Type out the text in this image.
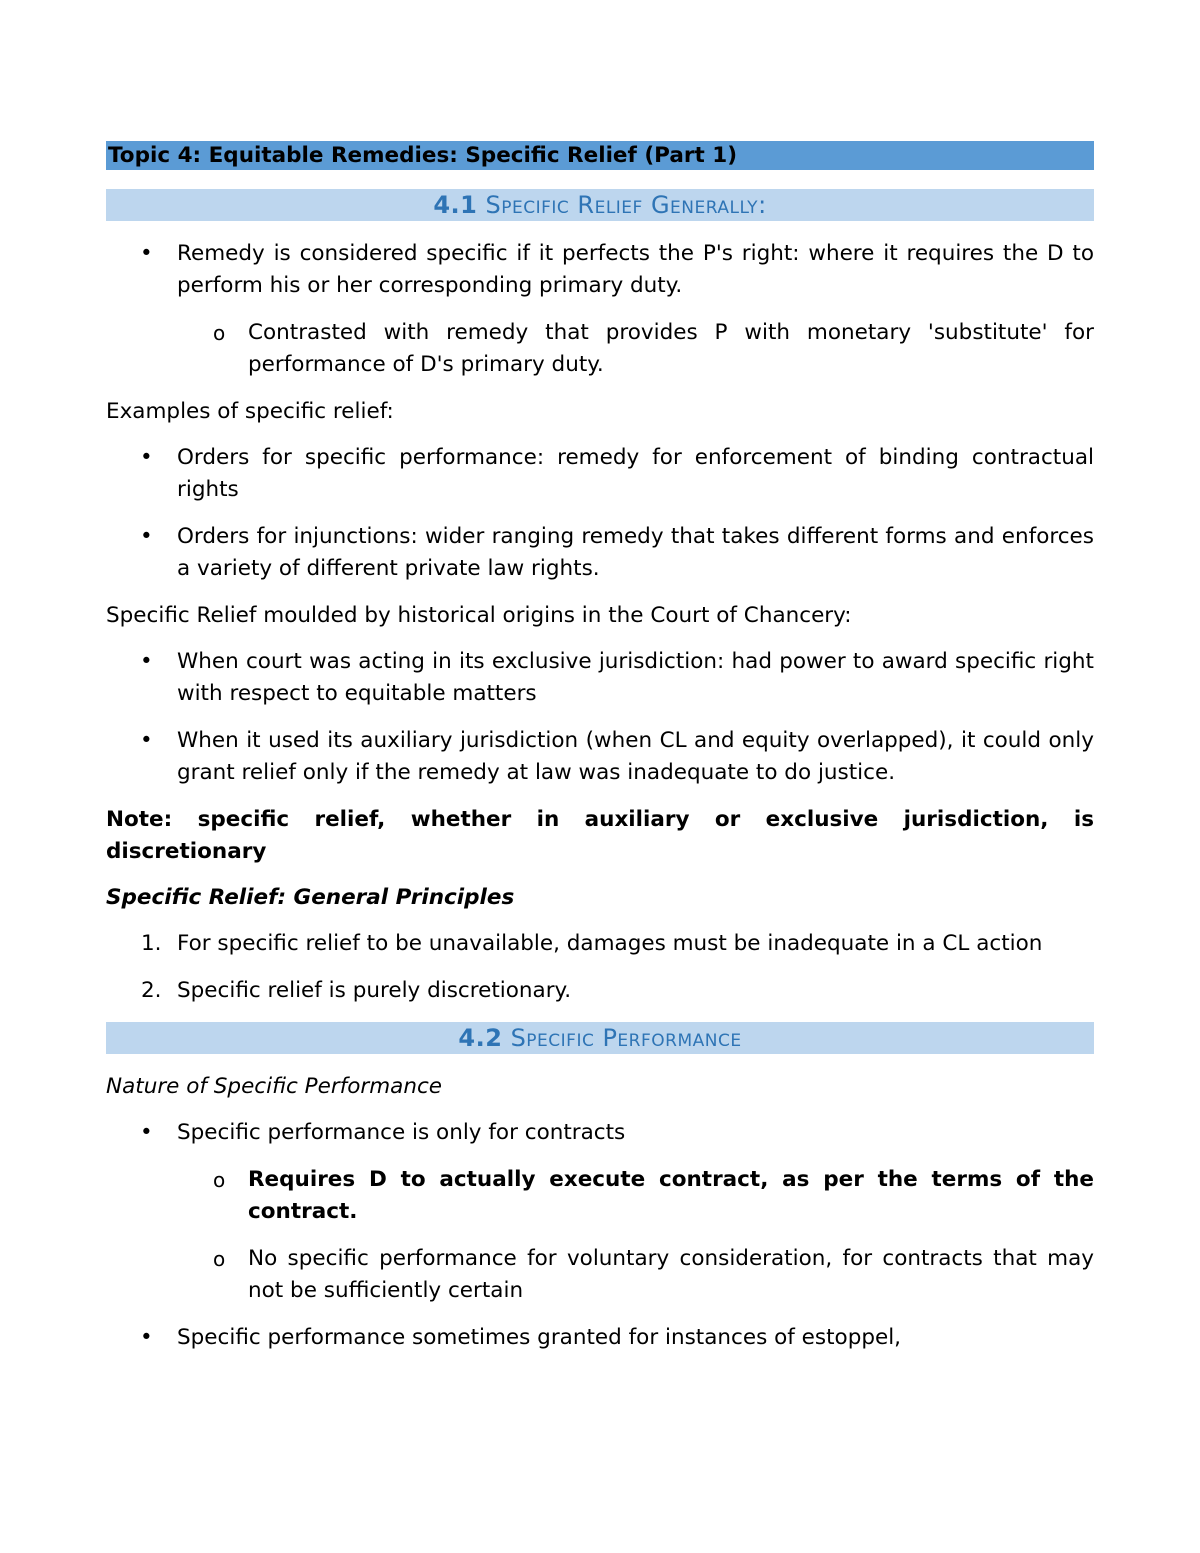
Topic 4: Equitable Remedies: Specific Relief (Part 1)
4.1 Specific Relief Generally:
• Remedy is considered specific if it perfects the P's right: where it requires the D to perform his or her corresponding primary duty.
o Contrasted with remedy that provides P with monetary 'substitute' for performance of D's primary duty.

Examples of specific relief:

• Orders for specific performance: remedy for enforcement of binding contractual rights
• Orders for injunctions: wider ranging remedy that takes different forms and enforces a variety of different private law rights.

Specific Relief moulded by historical origins in the Court of Chancery:

• When court was acting in its exclusive jurisdiction: had power to award specific right with respect to equitable matters
• When it used its auxiliary jurisdiction (when CL and equity overlapped), it could only grant relief only if the remedy at law was inadequate to do justice.

Note: specific relief, whether in auxiliary or exclusive jurisdiction, is discretionary

Specific Relief: General Principles

1. For specific relief to be unavailable, damages must be inadequate in a CL action
2. Specific relief is purely discretionary.
4.2 Specific Performance

Nature of Specific Performance

• Specific performance is only for contracts
o Requires D to actually execute contract, as per the terms of the contract.
o No specific performance for voluntary consideration, for contracts that may not be sufficiently certain
• Specific performance sometimes granted for instances of estoppel,
